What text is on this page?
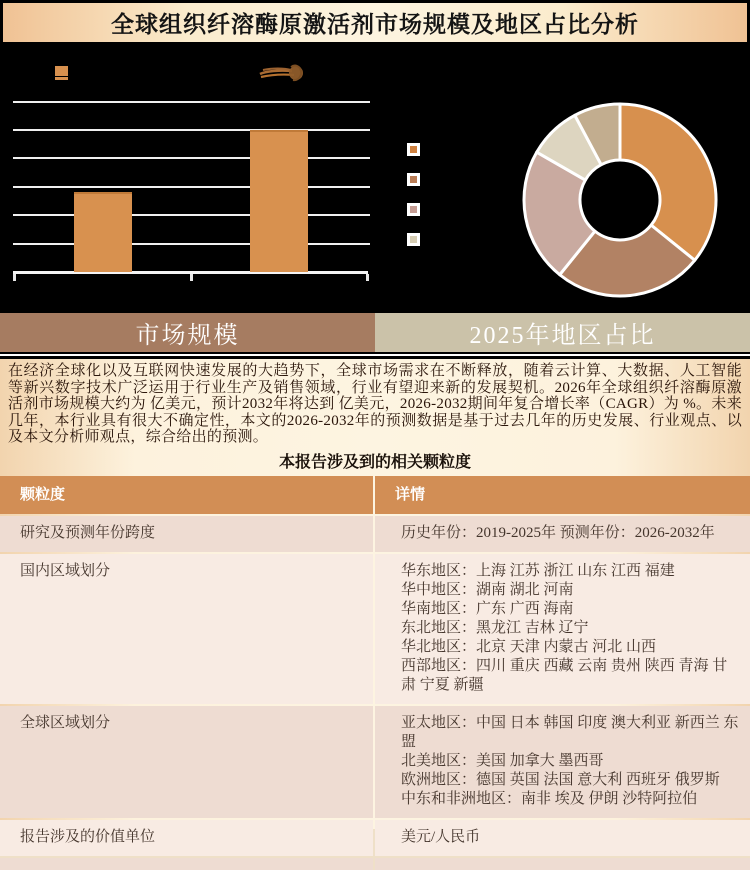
全球组织纤溶酶原激活剂市场规模及地区占比分析
市场规模	2025年地区占比

在经济全球化以及互联网快速发展的大趋势下，全球市场需求在不断释放，随着云计算、大数据、人工智能等新兴数字技术广泛运用于行业生产及销售领域，行业有望迎来新的发展契机。2026年全球组织纤溶酶原激活剂市场规模大约为 亿美元，预计2032年将达到 亿美元，2026-2032期间年复合增长率（CAGR）为 %。未来几年，本行业具有很大不确定性，本文的2026-2032年的预测数据是基于过去几年的历史发展、行业观点、以及本文分析师观点，综合给出的预测。

本报告涉及到的相关颗粒度
颗粒度	详情
研究及预测年份跨度	历史年份：2019-2025年 预测年份：2026-2032年
国内区域划分	华东地区：上海 江苏 浙江 山东 江西 福建
华中地区：湖南 湖北 河南
华南地区：广东 广西 海南
东北地区：黑龙江 吉林 辽宁
华北地区：北京 天津 内蒙古 河北 山西
西部地区：四川 重庆 西藏 云南 贵州 陕西 青海 甘肃 宁夏 新疆
全球区域划分	亚太地区：中国 日本 韩国 印度 澳大利亚 新西兰 东盟
北美地区：美国 加拿大 墨西哥
欧洲地区：德国 英国 法国 意大利 西班牙 俄罗斯
中东和非洲地区：南非 埃及 伊朗 沙特阿拉伯
报告涉及的价值单位	美元/人民币
